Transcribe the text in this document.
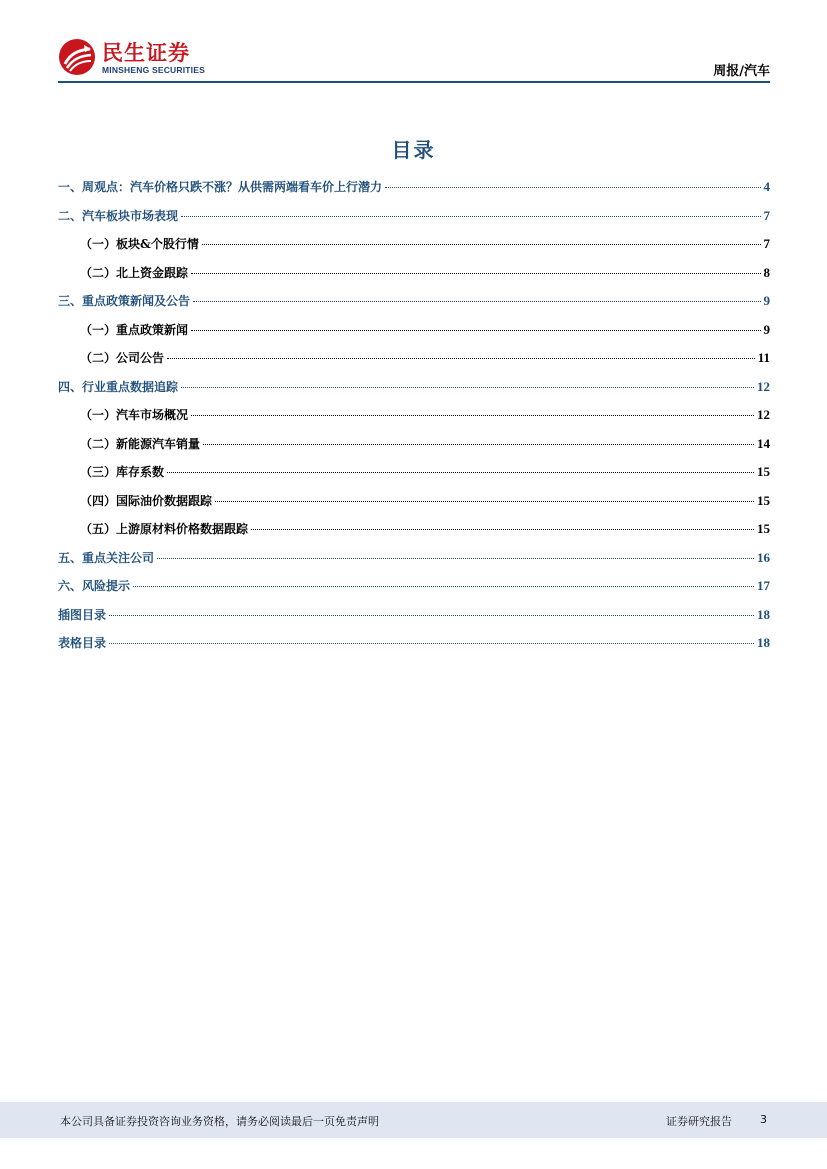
民生证券
MINSHENG SECURITIES	周报/汽车
目录
一、周观点：汽车价格只跌不涨？从供需两端看车价上行潜力	4
二、汽车板块市场表现	7
（一）板块&个股行情	7
（二）北上资金跟踪	8
三、重点政策新闻及公告	9
（一）重点政策新闻	9
（二）公司公告	11
四、行业重点数据追踪	12
（一）汽车市场概况	12
（二）新能源汽车销量	14
（三）库存系数	15
（四）国际油价数据跟踪	15
（五）上游原材料价格数据跟踪	15
五、重点关注公司	16
六、风险提示	17
插图目录	18
表格目录	18
本公司具备证券投资咨询业务资格，请务必阅读最后一页免责声明	证券研究报告	3
